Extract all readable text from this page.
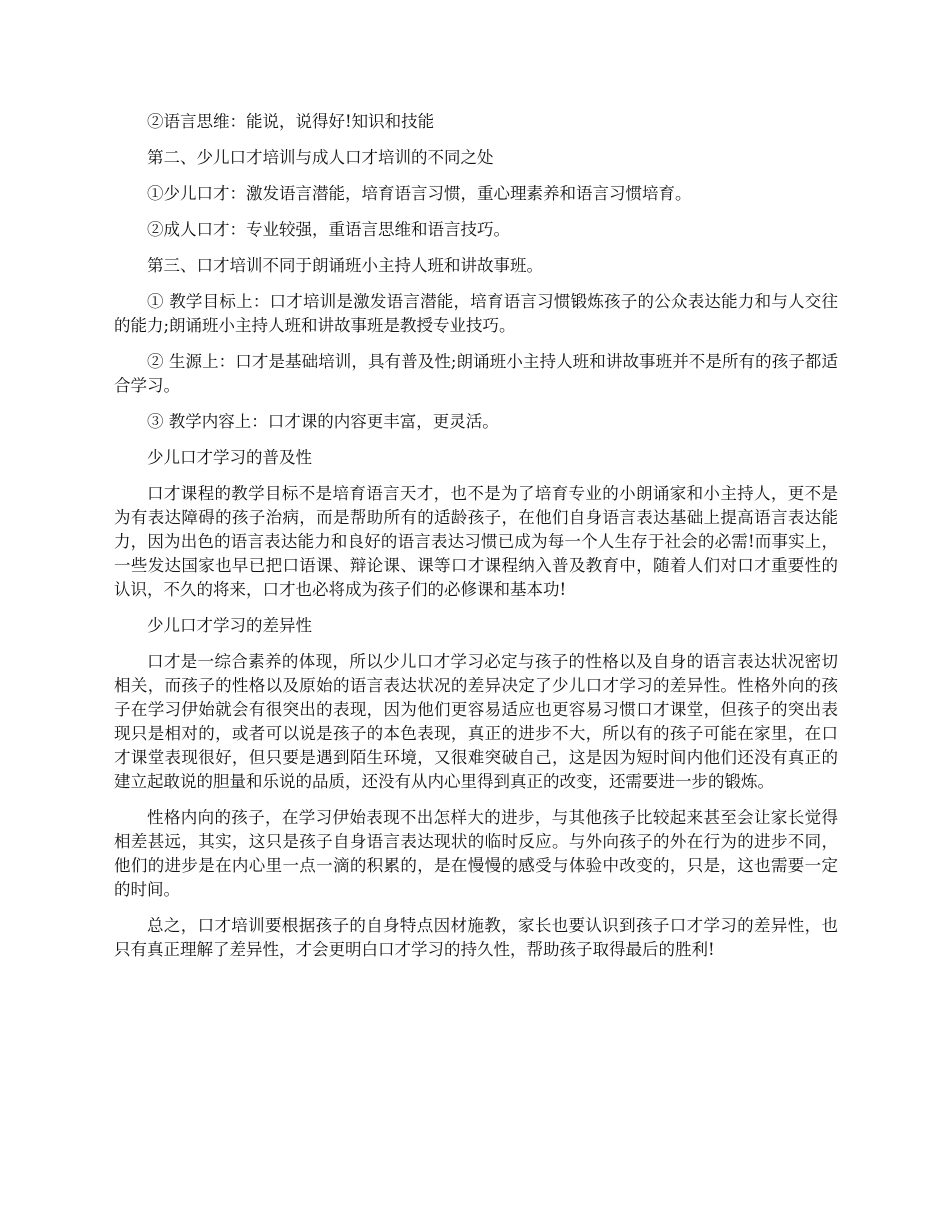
②语言思维：能说，说得好!知识和技能

第二、少儿口才培训与成人口才培训的不同之处

①少儿口才：激发语言潜能，培育语言习惯，重心理素养和语言习惯培育。

②成人口才：专业较强，重语言思维和语言技巧。

第三、口才培训不同于朗诵班小主持人班和讲故事班。

① 教学目标上：口才培训是激发语言潜能，培育语言习惯锻炼孩子的公众表达能力和与人交往的能力;朗诵班小主持人班和讲故事班是教授专业技巧。

② 生源上：口才是基础培训，具有普及性;朗诵班小主持人班和讲故事班并不是所有的孩子都适合学习。

③ 教学内容上：口才课的内容更丰富，更灵活。

少儿口才学习的普及性

口才课程的教学目标不是培育语言天才，也不是为了培育专业的小朗诵家和小主持人，更不是为有表达障碍的孩子治病，而是帮助所有的适龄孩子，在他们自身语言表达基础上提高语言表达能力，因为出色的语言表达能力和良好的语言表达习惯已成为每一个人生存于社会的必需!而事实上，一些发达国家也早已把口语课、辩论课、课等口才课程纳入普及教育中，随着人们对口才重要性的认识，不久的将来，口才也必将成为孩子们的必修课和基本功!

少儿口才学习的差异性

口才是一综合素养的体现，所以少儿口才学习必定与孩子的性格以及自身的语言表达状况密切相关，而孩子的性格以及原始的语言表达状况的差异决定了少儿口才学习的差异性。性格外向的孩子在学习伊始就会有很突出的表现，因为他们更容易适应也更容易习惯口才课堂，但孩子的突出表现只是相对的，或者可以说是孩子的本色表现，真正的进步不大，所以有的孩子可能在家里，在口才课堂表现很好，但只要是遇到陌生环境，又很难突破自己，这是因为短时间内他们还没有真正的建立起敢说的胆量和乐说的品质，还没有从内心里得到真正的改变，还需要进一步的锻炼。

性格内向的孩子，在学习伊始表现不出怎样大的进步，与其他孩子比较起来甚至会让家长觉得相差甚远，其实，这只是孩子自身语言表达现状的临时反应。与外向孩子的外在行为的进步不同，他们的进步是在内心里一点一滴的积累的，是在慢慢的感受与体验中改变的，只是，这也需要一定的时间。

总之，口才培训要根据孩子的自身特点因材施教，家长也要认识到孩子口才学习的差异性，也只有真正理解了差异性，才会更明白口才学习的持久性，帮助孩子取得最后的胜利!
